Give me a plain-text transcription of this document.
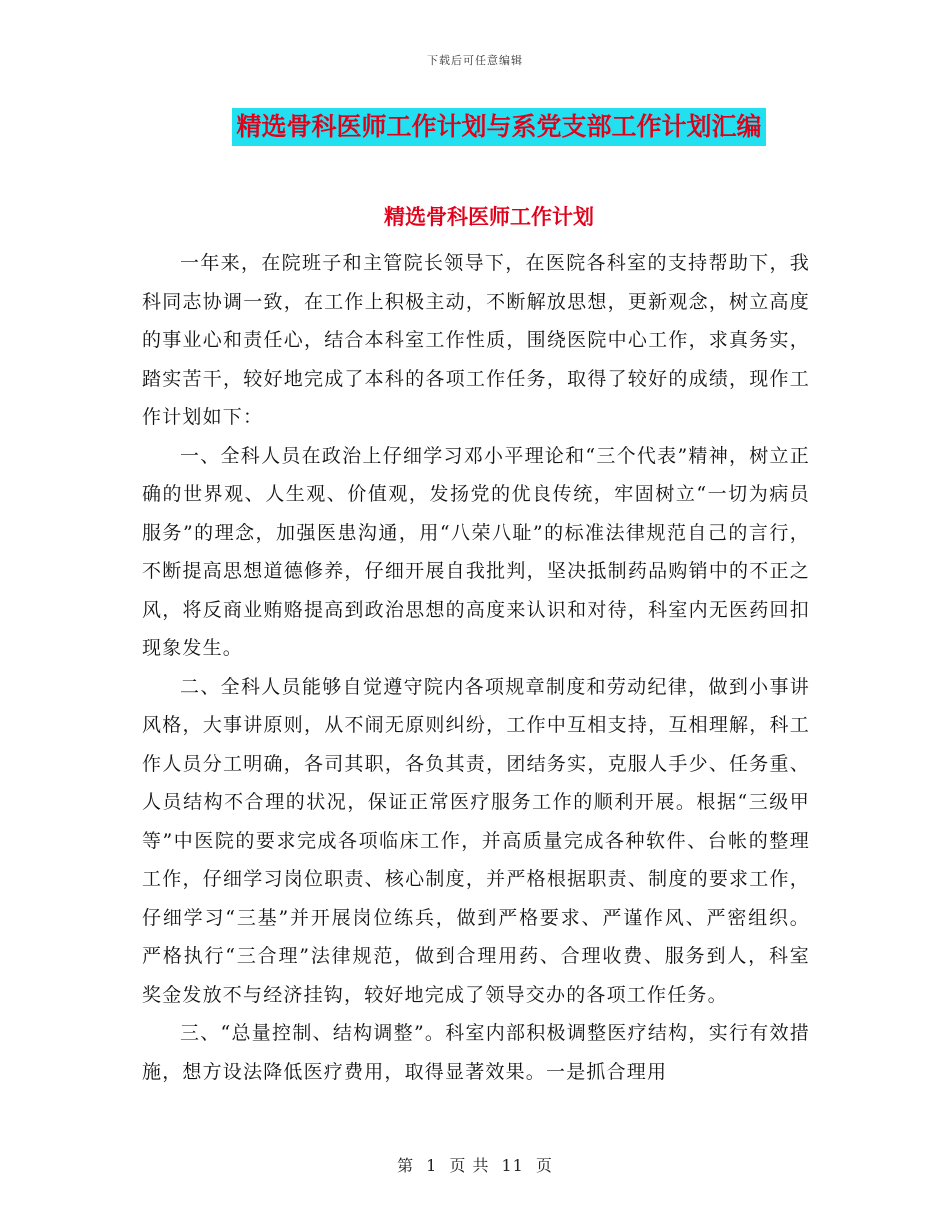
下载后可任意编辑
精选骨科医师工作计划与系党支部工作计划汇编
精选骨科医师工作计划

一年来，在院班子和主管院长领导下，在医院各科室的支持帮助下，我科同志协调一致，在工作上积极主动，不断解放思想，更新观念，树立高度的事业心和责任心，结合本科室工作性质，围绕医院中心工作，求真务实，踏实苦干，较好地完成了本科的各项工作任务，取得了较好的成绩，现作工作计划如下：

一、全科人员在政治上仔细学习邓小平理论和“三个代表”精神，树立正确的世界观、人生观、价值观，发扬党的优良传统，牢固树立“一切为病员服务”的理念，加强医患沟通，用“八荣八耻”的标准法律规范自己的言行，不断提高思想道德修养，仔细开展自我批判，坚决抵制药品购销中的不正之风，将反商业贿赂提高到政治思想的高度来认识和对待，科室内无医药回扣现象发生。

二、全科人员能够自觉遵守院内各项规章制度和劳动纪律，做到小事讲风格，大事讲原则，从不闹无原则纠纷，工作中互相支持，互相理解，科工作人员分工明确，各司其职，各负其责，团结务实，克服人手少、任务重、人员结构不合理的状况，保证正常医疗服务工作的顺利开展。根据“三级甲等”中医院的要求完成各项临床工作，并高质量完成各种软件、台帐的整理工作，仔细学习岗位职责、核心制度，并严格根据职责、制度的要求工作，仔细学习“三基”并开展岗位练兵，做到严格要求、严谨作风、严密组织。严格执行“三合理”法律规范，做到合理用药、合理收费、服务到人，科室奖金发放不与经济挂钩，较好地完成了领导交办的各项工作任务。

三、“总量控制、结构调整”。科室内部积极调整医疗结构，实行有效措施，想方设法降低医疗费用，取得显著效果。一是抓合理用

第 1 页 共 11 页
